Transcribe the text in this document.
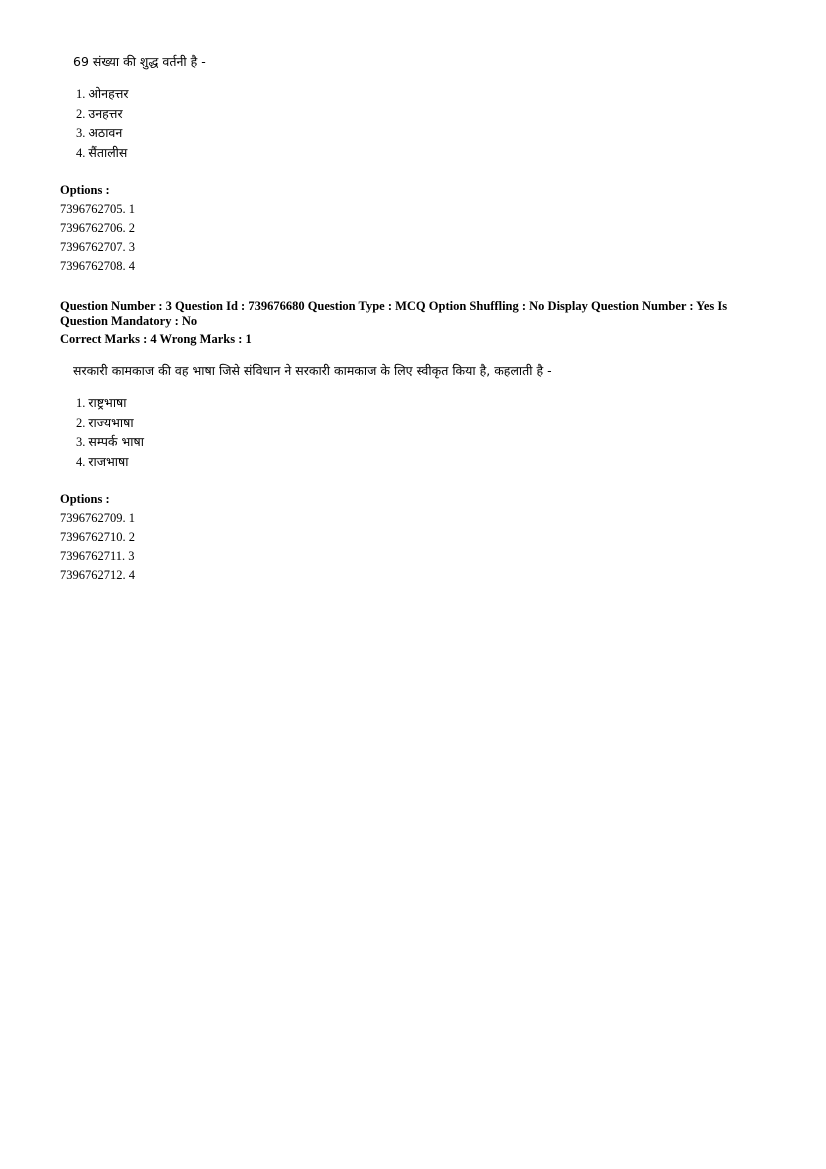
69 संख्या की शुद्ध वर्तनी है -
1. ओनहत्तर
2. उनहत्तर
3. अठावन
4. सैंतालीस
Options :
7396762705. 1
7396762706. 2
7396762707. 3
7396762708. 4
Question Number : 3 Question Id : 739676680 Question Type : MCQ Option Shuffling : No Display Question Number : Yes Is
Question Mandatory : No
Correct Marks : 4 Wrong Marks : 1
सरकारी कामकाज की वह भाषा जिसे संविधान ने सरकारी कामकाज के लिए स्वीकृत किया है, कहलाती है -
1. राष्ट्रभाषा
2. राज्यभाषा
3. सम्पर्क भाषा
4. राजभाषा
Options :
7396762709. 1
7396762710. 2
7396762711. 3
7396762712. 4
